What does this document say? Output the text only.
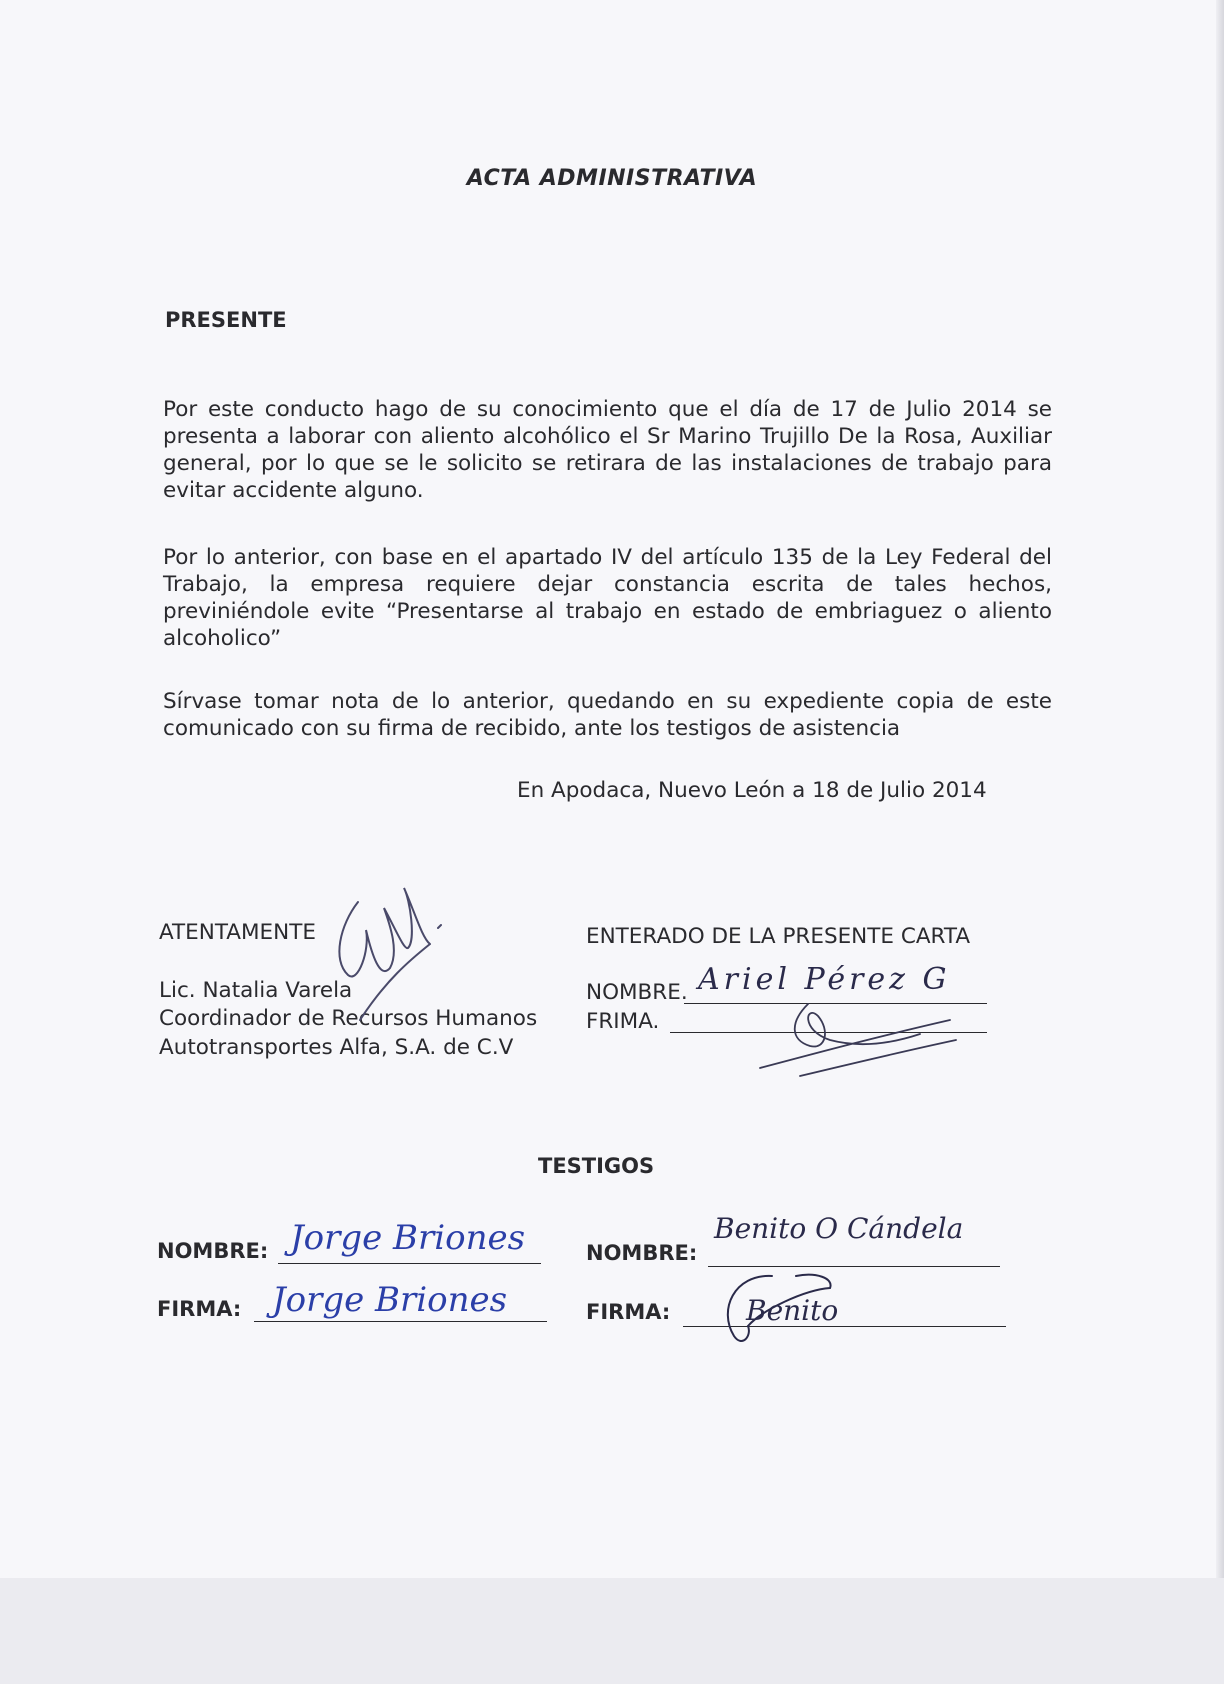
ACTA ADMINISTRATIVA

PRESENTE

Por este conducto hago de su conocimiento que el día de 17 de Julio 2014 se presenta a laborar con aliento alcohólico el Sr Marino Trujillo De la Rosa, Auxiliar general, por lo que se le solicito se retirara de las instalaciones de trabajo para evitar accidente alguno.

Por lo anterior, con base en el apartado IV del artículo 135 de la Ley Federal del Trabajo, la empresa requiere dejar constancia escrita de tales hechos, previniéndole evite “Presentarse al trabajo en estado de embriaguez o aliento alcoholico”

Sírvase tomar nota de lo anterior, quedando en su expediente copia de este comunicado con su firma de recibido, ante los testigos de asistencia

En Apodaca, Nuevo León a 18 de Julio 2014

ATENTAMENTE

Lic. Natalia Varela

Coordinador de Recursos Humanos

Autotransportes Alfa, S.A. de C.V

ENTERADO DE LA PRESENTE CARTA

NOMBRE. Ariel Pérez G

FRIMA.

TESTIGOS

NOMBRE: Jorge Briones

FIRMA: Jorge Briones

NOMBRE:

Benito O Cándela

FIRMA:	Benito
